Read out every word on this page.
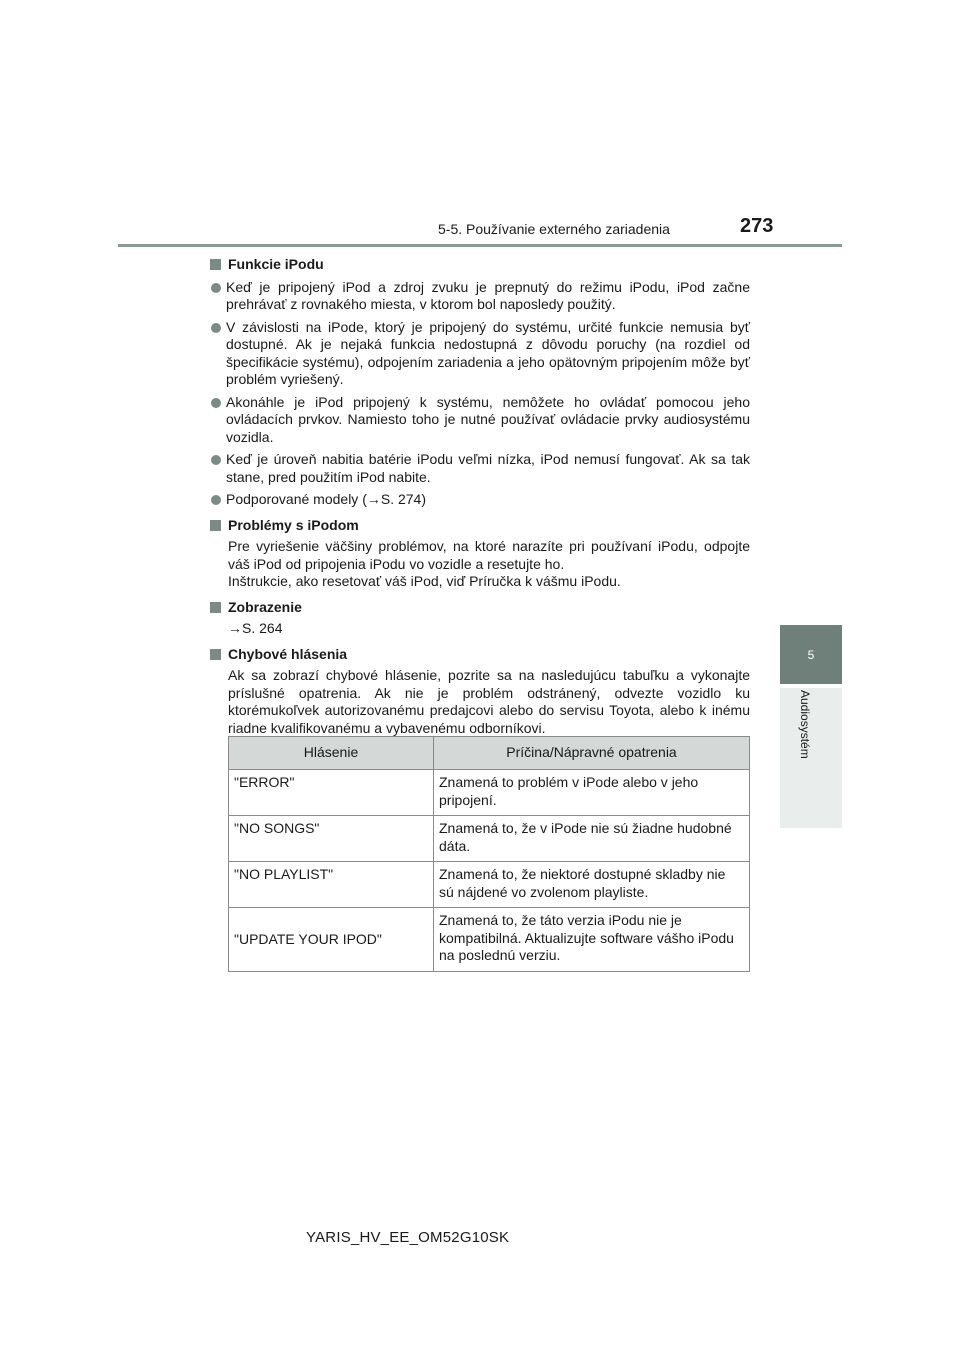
5-5. Používanie externého zariadenia	273
5
Audiosystém
Funkcie iPodu
Keď je pripojený iPod a zdroj zvuku je prepnutý do režimu iPodu, iPod začne prehrávať z rovnakého miesta, v ktorom bol naposledy použitý.
V závislosti na iPode, ktorý je pripojený do systému, určité funkcie nemusia byť dostupné. Ak je nejaká funkcia nedostupná z dôvodu poruchy (na rozdiel od špecifikácie systému), odpojením zariadenia a jeho opätovným pripojením môže byť problém vyriešený.
Akonáhle je iPod pripojený k systému, nemôžete ho ovládať pomocou jeho ovládacích prvkov. Namiesto toho je nutné používať ovládacie prvky audiosystému vozidla.
Keď je úroveň nabitia batérie iPodu veľmi nízka, iPod nemusí fungovať. Ak sa tak stane, pred použitím iPod nabite.
Podporované modely (→S. 274)
Problémy s iPodom
Pre vyriešenie väčšiny problémov, na ktoré narazíte pri používaní iPodu, odpojte váš iPod od pripojenia iPodu vo vozidle a resetujte ho.
Inštrukcie, ako resetovať váš iPod, viď Príručka k vášmu iPodu.
Zobrazenie
→S. 264
Chybové hlásenia
Ak sa zobrazí chybové hlásenie, pozrite sa na nasledujúcu tabuľku a vykonajte príslušné opatrenia. Ak nie je problém odstránený, odvezte vozidlo ku ktorémukoľvek autorizovanému predajcovi alebo do servisu Toyota, alebo k inému riadne kvalifikovanému a vybavenému odborníkovi.
Hlásenie	Príčina/Nápravné opatrenia
"ERROR"	Znamená to problém v iPode alebo v jeho pripojení.
"NO SONGS"	Znamená to, že v iPode nie sú žiadne hudobné dáta.
"NO PLAYLIST"	Znamená to, že niektoré dostupné skladby nie sú nájdené vo zvolenom playliste.
"UPDATE YOUR IPOD"	Znamená to, že táto verzia iPodu nie je kompatibilná. Aktualizujte software vášho iPodu na poslednú verziu.
YARIS_HV_EE_OM52G10SK
